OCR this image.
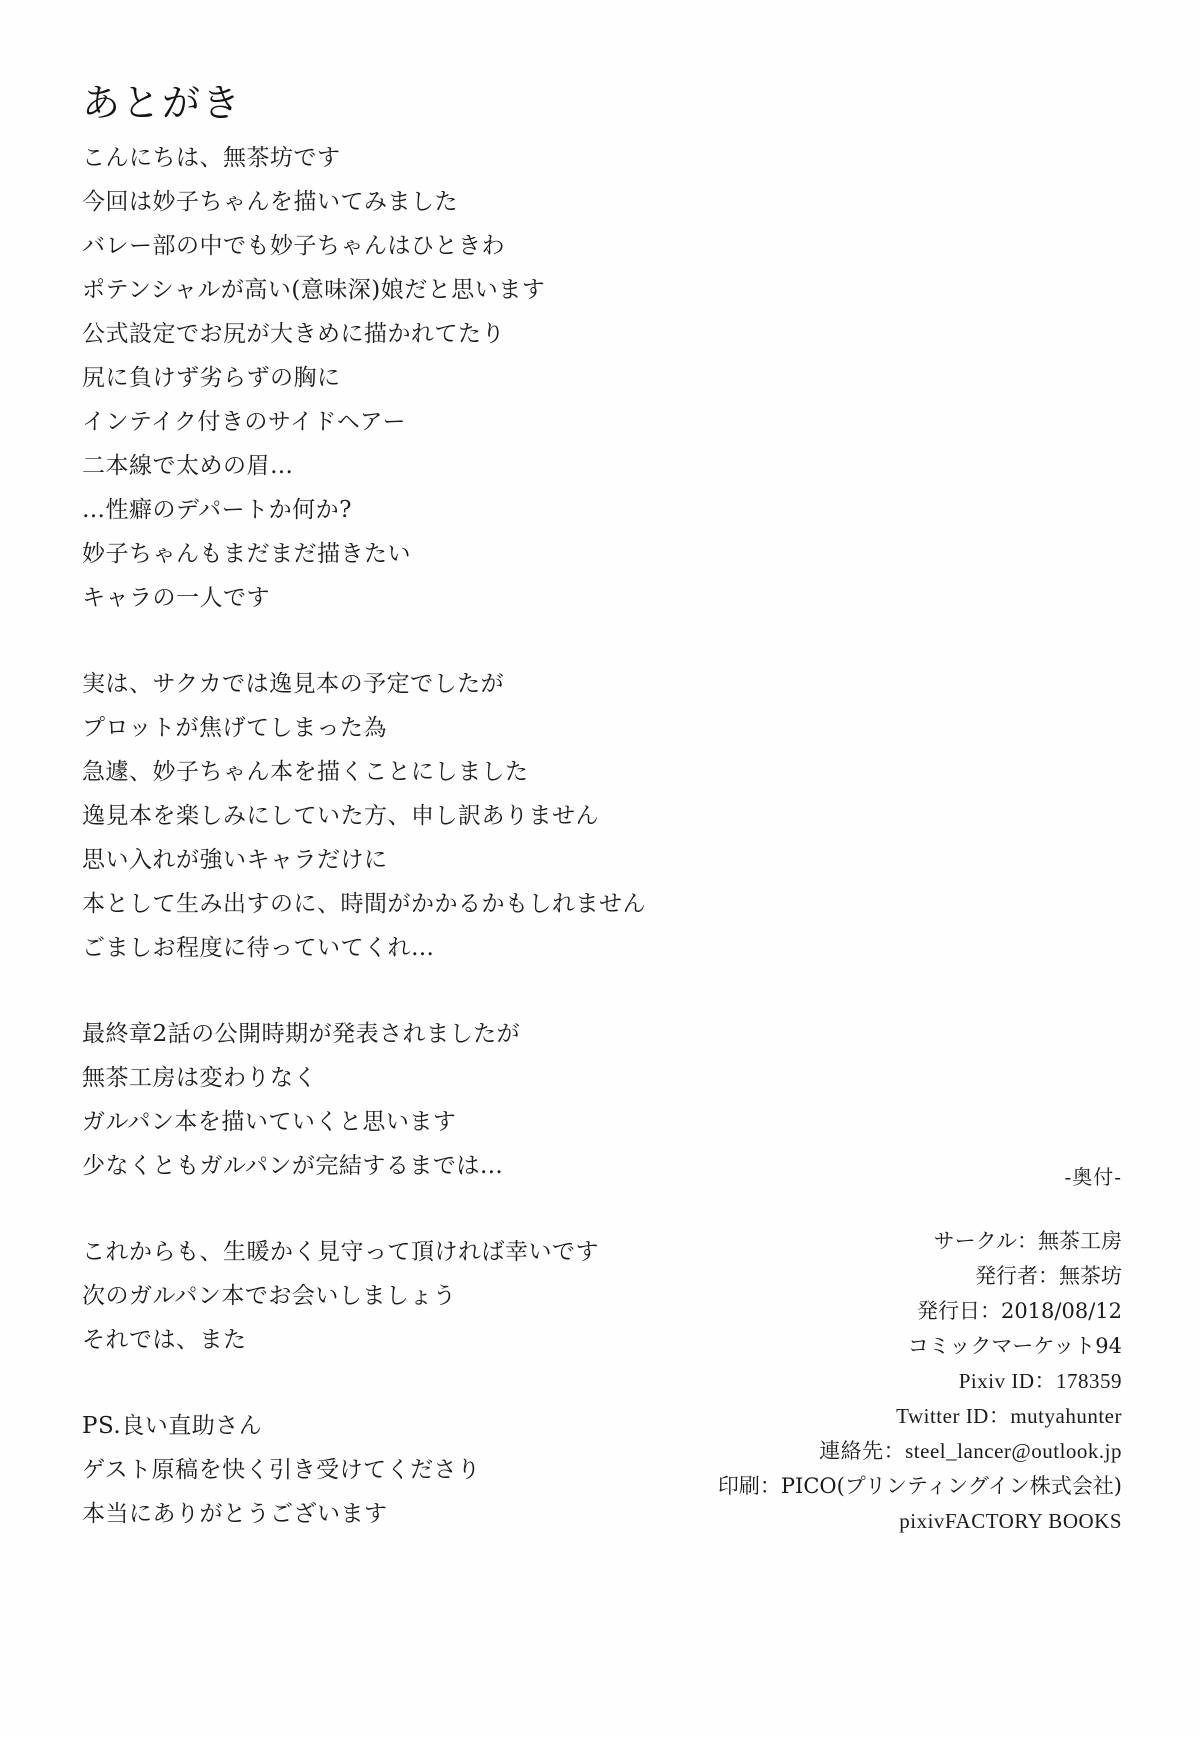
あとがき
こんにちは、無茶坊です
今回は妙子ちゃんを描いてみました
バレー部の中でも妙子ちゃんはひときわ
ポテンシャルが高い(意味深)娘だと思います
公式設定でお尻が大きめに描かれてたり
尻に負けず劣らずの胸に
インテイク付きのサイドヘアー
二本線で太めの眉…
…性癖のデパートか何か?
妙子ちゃんもまだまだ描きたい
キャラの一人です
実は、サクカでは逸見本の予定でしたが
プロットが焦げてしまった為
急遽、妙子ちゃん本を描くことにしました
逸見本を楽しみにしていた方、申し訳ありません
思い入れが強いキャラだけに
本として生み出すのに、時間がかかるかもしれません
ごましお程度に待っていてくれ…
最終章2話の公開時期が発表されましたが
無茶工房は変わりなく
ガルパン本を描いていくと思います
少なくともガルパンが完結するまでは…
これからも、生暖かく見守って頂ければ幸いです
次のガルパン本でお会いしましょう
それでは、また
PS.良い直助さん
ゲスト原稿を快く引き受けてくださり
本当にありがとうございます
-奥付-
サークル：無茶工房
発行者：無茶坊
発行日：2018/08/12
コミックマーケット94
Pixiv ID：178359
Twitter ID：mutyahunter
連絡先：steel_lancer@outlook.jp
印刷：PICO(プリンティングイン株式会社)
pixivFACTORY BOOKS
